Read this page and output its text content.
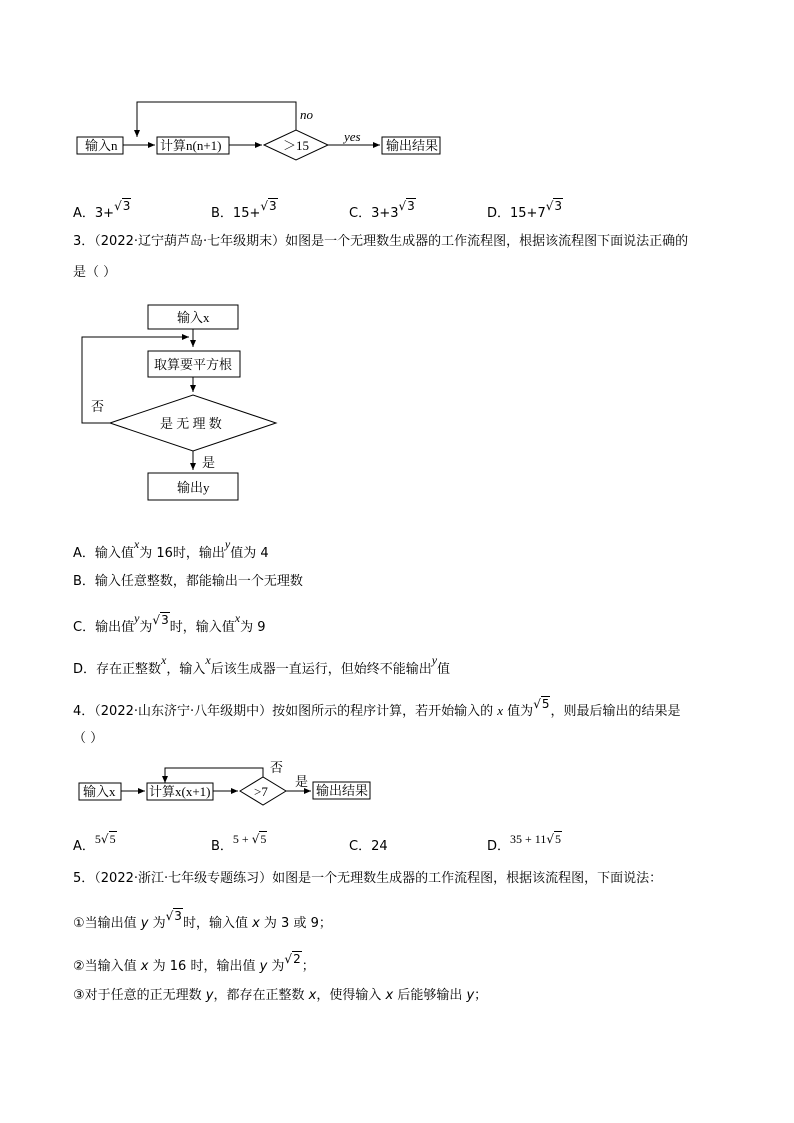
输入n	计算n(n+1)	＞15
no
yes
输出结果
A．3+√3	B．15+√3	C．3+3√3	D．15+7√3
3．（2022·辽宁葫芦岛·七年级期末）如图是一个无理数生成器的工作流程图，根据该流程图下面说法正确的
是（ ）
输入x
取算要平方根
是 无 理 数
否
是
输出y
A．输入值x为 16时，输出y值为 4
B．输入任意整数，都能输出一个无理数
C．输出值y为√3时，输入值x为 9
D．存在正整数x，输入x后该生成器一直运行，但始终不能输出y值
4．（2022·山东济宁·八年级期中）按如图所示的程序计算，若开始输入的 x 值为√5，则最后输出的结果是
（ ）
输入x	计算x(x+1)	>7
否
是
输出结果
A．5√5	B．5 + √5	C．24	D．35 + 11√5
5．（2022·浙江·七年级专题练习）如图是一个无理数生成器的工作流程图，根据该流程图，下面说法：
①当输出值 y 为√3时，输入值 x 为 3 或 9；
②当输入值 x 为 16 时，输出值 y 为√2；
③对于任意的正无理数 y，都存在正整数 x，使得输入 x 后能够输出 y；
